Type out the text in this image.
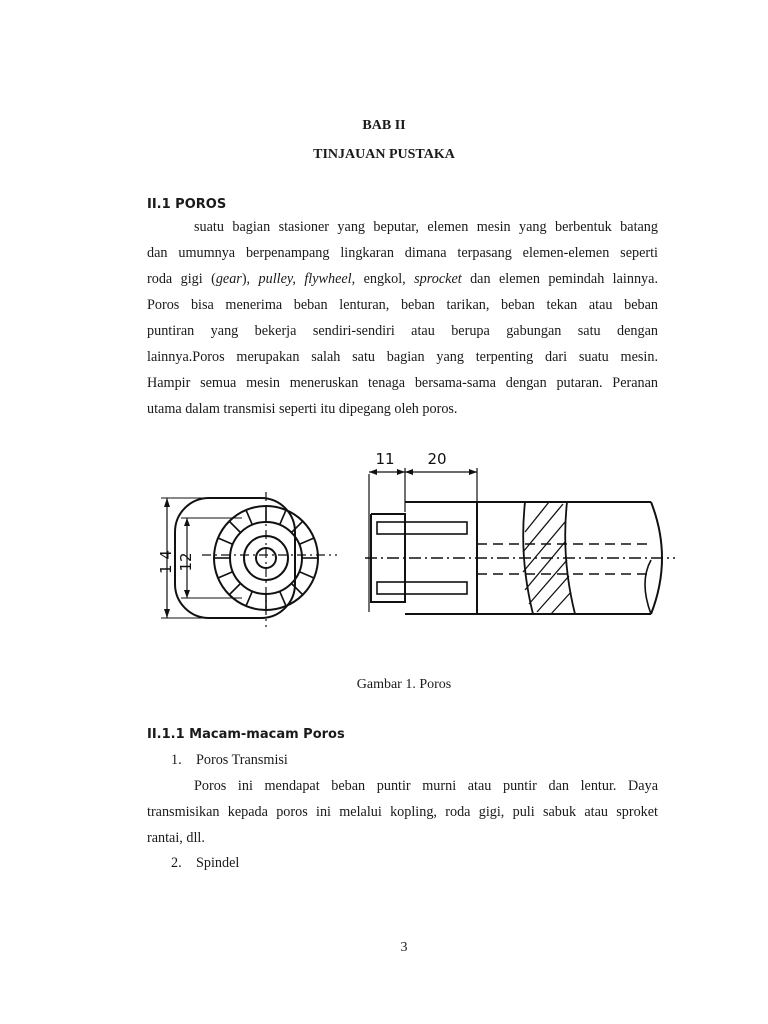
BAB II
TINJAUAN PUSTAKA
II.1 POROS
suatu bagian stasioner yang beputar, elemen mesin yang berbentuk batang
dan umumnya berpenampang lingkaran dimana terpasang elemen-elemen seperti
roda gigi (gear), pulley, flywheel, engkol, sprocket dan elemen pemindah lainnya.
Poros bisa menerima beban lenturan, beban tarikan, beban tekan atau beban
puntiran yang bekerja sendiri-sendiri atau berupa gabungan satu dengan
lainnya.Poros merupakan salah satu bagian yang terpenting dari suatu mesin.
Hampir semua mesin meneruskan tenaga bersama-sama dengan putaran. Peranan
utama dalam transmisi seperti itu dipegang oleh poros.
1 4 12
11 20
Gambar 1. Poros
II.1.1 Macam-macam Poros
1. Poros Transmisi
Poros ini mendapat beban puntir murni atau puntir dan lentur. Daya
transmisikan kepada poros ini melalui kopling, roda gigi, puli sabuk atau sproket
rantai, dll.
2. Spindel
3
